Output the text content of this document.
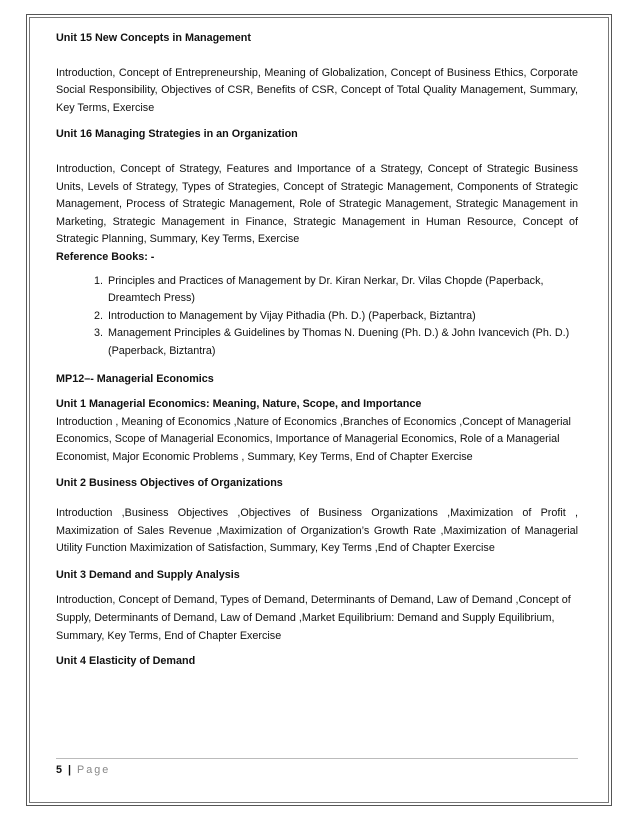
Unit 15 New Concepts in Management

Introduction, Concept of Entrepreneurship, Meaning of Globalization, Concept of Business Ethics, Corporate Social Responsibility, Objectives of CSR, Benefits of CSR, Concept of Total Quality Management, Summary, Key Terms, Exercise

Unit 16 Managing Strategies in an Organization

Introduction, Concept of Strategy, Features and Importance of a Strategy, Concept of Strategic Business Units, Levels of Strategy, Types of Strategies, Concept of Strategic Management, Components of Strategic Management, Process of Strategic Management, Role of Strategic Management, Strategic Management in Marketing, Strategic Management in Finance, Strategic Management in Human Resource, Concept of Strategic Planning, Summary, Key Terms, Exercise

Reference Books: -

1. Principles and Practices of Management by Dr. Kiran Nerkar, Dr. Vilas Chopde (Paperback, Dreamtech Press)
2. Introduction to Management by Vijay Pithadia (Ph. D.) (Paperback, Biztantra)
3. Management Principles & Guidelines by Thomas N. Duening (Ph. D.) & John Ivancevich (Ph. D.) (Paperback, Biztantra)

MP12–- Managerial Economics

Unit 1 Managerial Economics: Meaning, Nature, Scope, and Importance

Introduction , Meaning of Economics ,Nature of Economics ,Branches of Economics ,Concept of Managerial Economics, Scope of Managerial Economics, Importance of Managerial Economics, Role of a Managerial Economist, Major Economic Problems , Summary, Key Terms, End of Chapter Exercise

Unit 2 Business Objectives of Organizations

Introduction ,Business Objectives ,Objectives of Business Organizations ,Maximization of Profit , Maximization of Sales Revenue ,Maximization of Organization’s Growth Rate ,Maximization of Managerial Utility Function Maximization of Satisfaction, Summary, Key Terms ,End of Chapter Exercise

Unit 3 Demand and Supply Analysis

Introduction, Concept of Demand, Types of Demand, Determinants of Demand, Law of Demand ,Concept of Supply, Determinants of Demand, Law of Demand ,Market Equilibrium: Demand and Supply Equilibrium, Summary, Key Terms, End of Chapter Exercise

Unit 4 Elasticity of Demand

5 | Page
